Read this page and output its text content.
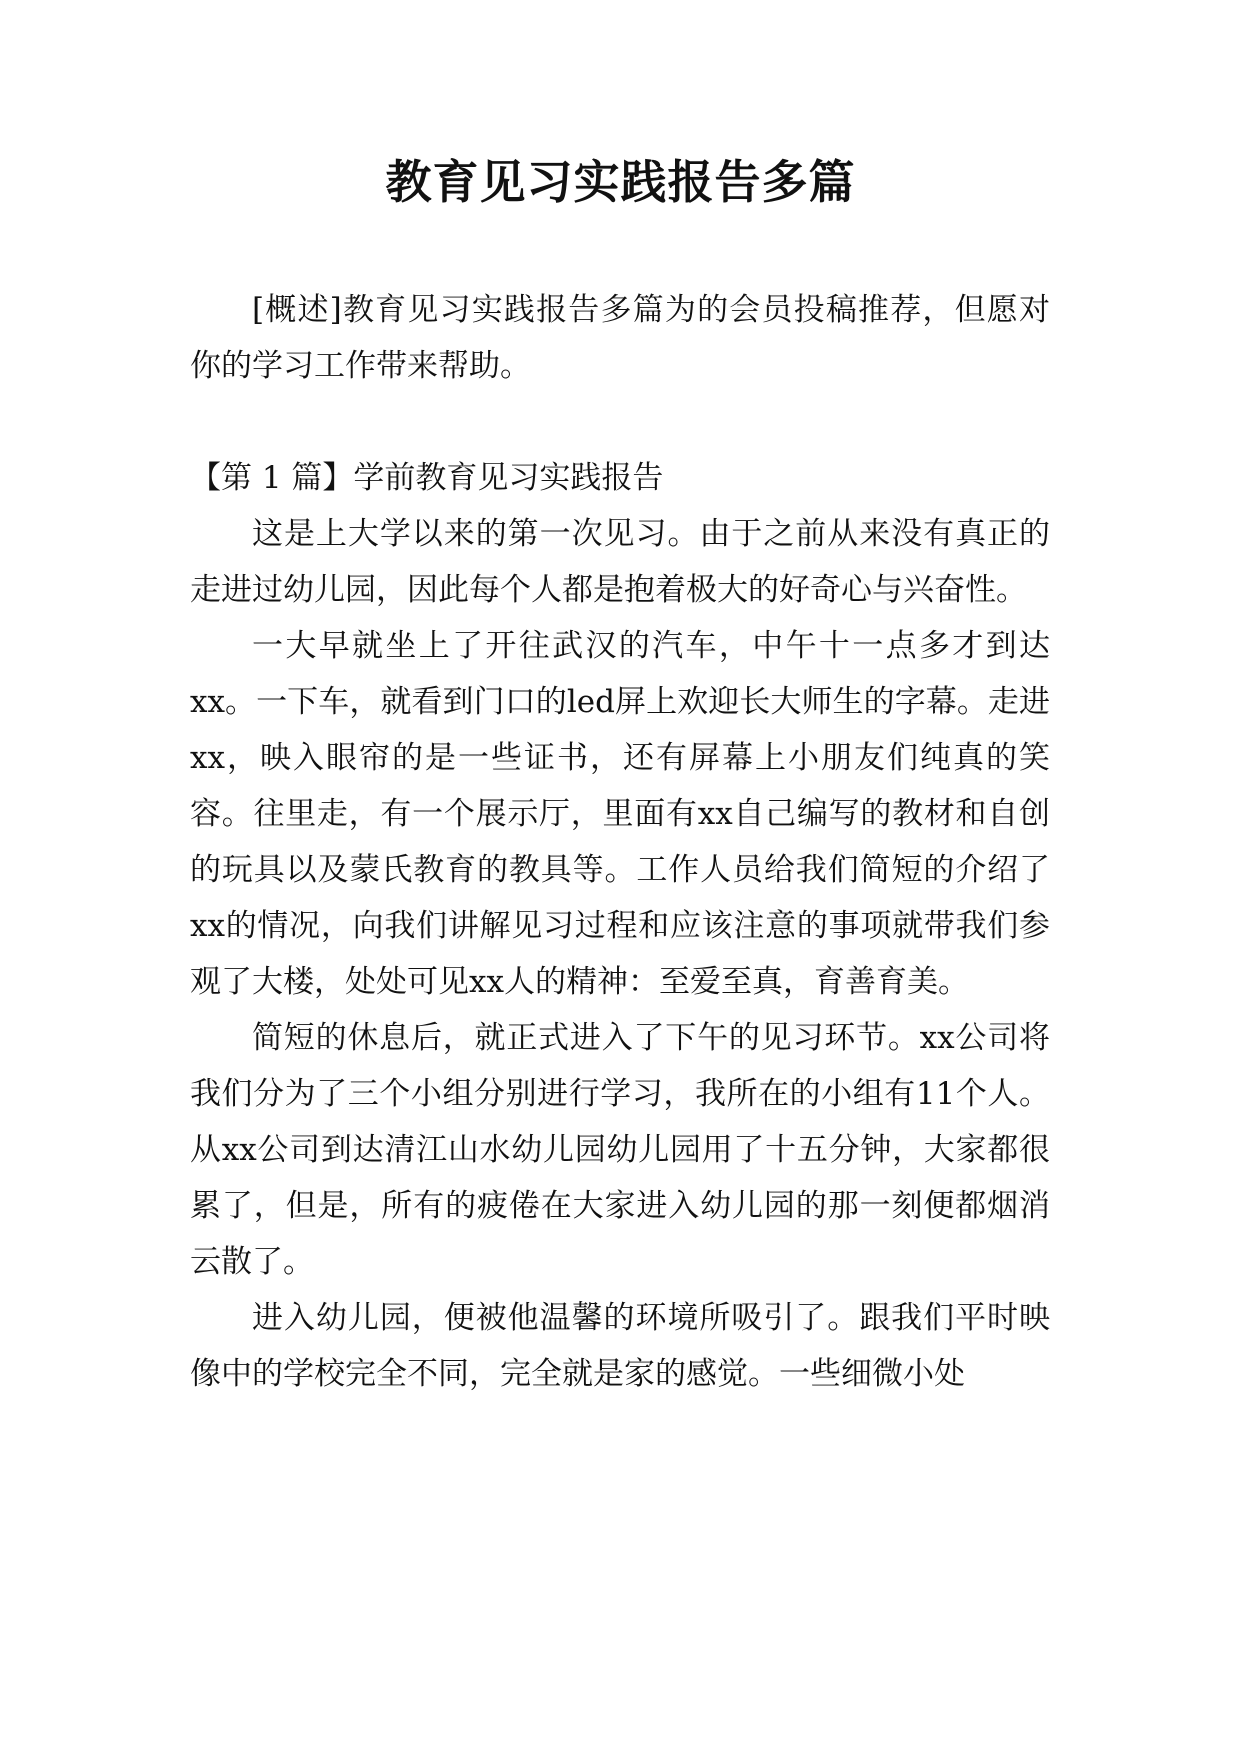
教育见习实践报告多篇

[概述]教育见习实践报告多篇为的会员投稿推荐，但愿对你的学习工作带来帮助。

【第 1 篇】学前教育见习实践报告

这是上大学以来的第一次见习。由于之前从来没有真正的走进过幼儿园，因此每个人都是抱着极大的好奇心与兴奋性。

一大早就坐上了开往武汉的汽车，中午十一点多才到达xx。一下车，就看到门口的led屏上欢迎长大师生的字幕。走进xx，映入眼帘的是一些证书，还有屏幕上小朋友们纯真的笑容。往里走，有一个展示厅，里面有xx自己编写的教材和自创的玩具以及蒙氏教育的教具等。工作人员给我们简短的介绍了xx的情况，向我们讲解见习过程和应该注意的事项就带我们参观了大楼，处处可见xx人的精神：至爱至真，育善育美。

简短的休息后，就正式进入了下午的见习环节。xx公司将我们分为了三个小组分别进行学习，我所在的小组有11个人。从xx公司到达清江山水幼儿园幼儿园用了十五分钟，大家都很累了，但是，所有的疲倦在大家进入幼儿园的那一刻便都烟消云散了。

进入幼儿园，便被他温馨的环境所吸引了。跟我们平时映像中的学校完全不同，完全就是家的感觉。一些细微小处
